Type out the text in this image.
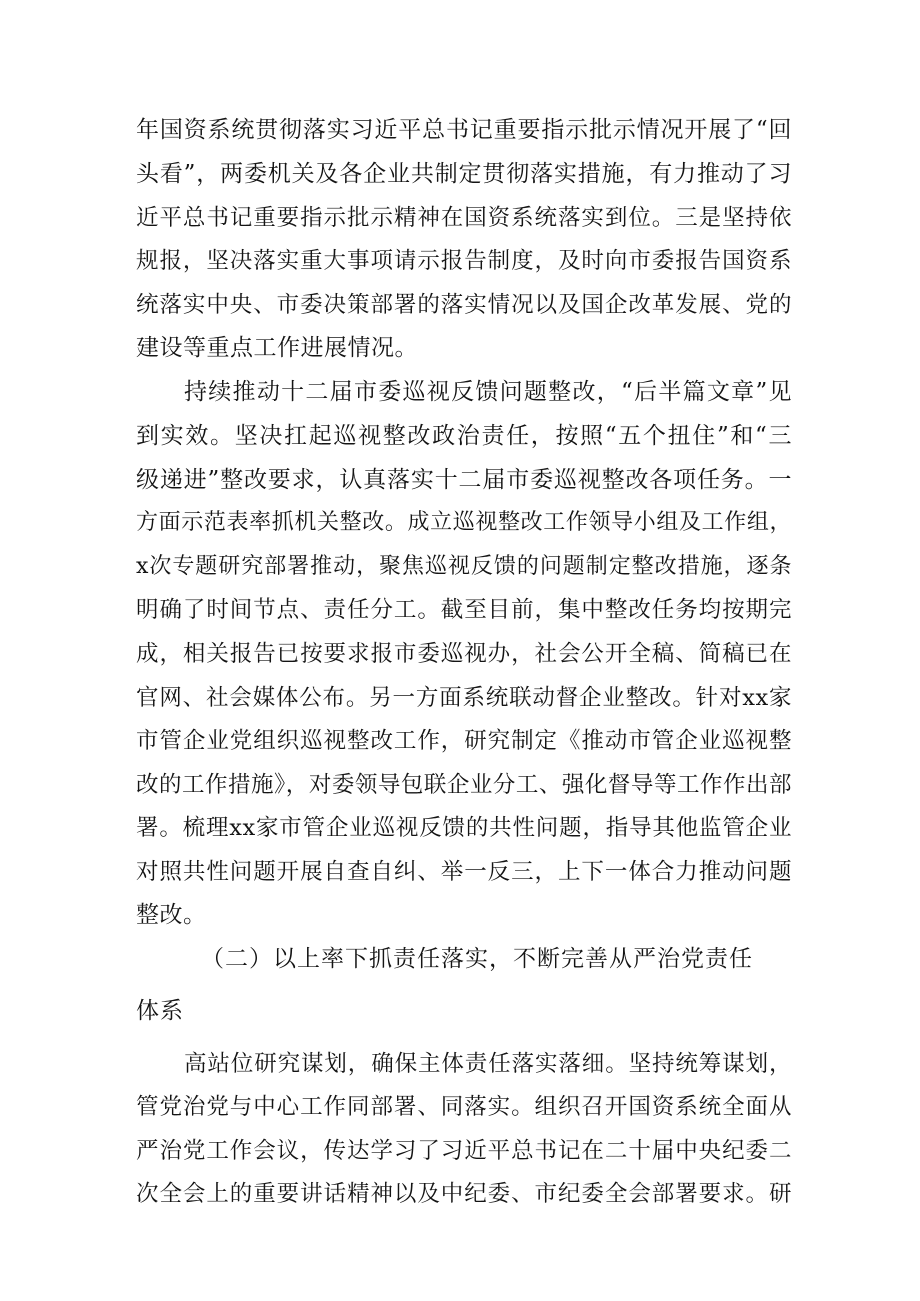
年国资系统贯彻落实习近平总书记重要指示批示情况开展了“回
头看”，两委机关及各企业共制定贯彻落实措施，有力推动了习
近平总书记重要指示批示精神在国资系统落实到位。三是坚持依
规报，坚决落实重大事项请示报告制度，及时向市委报告国资系
统落实中央、市委决策部署的落实情况以及国企改革发展、党的
建设等重点工作进展情况。
持续推动十二届市委巡视反馈问题整改，“后半篇文章”见
到实效。坚决扛起巡视整改政治责任，按照“五个扭住”和“三
级递进”整改要求，认真落实十二届市委巡视整改各项任务。一
方面示范表率抓机关整改。成立巡视整改工作领导小组及工作组，
x次专题研究部署推动，聚焦巡视反馈的问题制定整改措施，逐条
明确了时间节点、责任分工。截至目前，集中整改任务均按期完
成，相关报告已按要求报市委巡视办，社会公开全稿、简稿已在
官网、社会媒体公布。另一方面系统联动督企业整改。针对xx家
市管企业党组织巡视整改工作，研究制定《推动市管企业巡视整
改的工作措施》，对委领导包联企业分工、强化督导等工作作出部
署。梳理xx家市管企业巡视反馈的共性问题，指导其他监管企业
对照共性问题开展自查自纠、举一反三，上下一体合力推动问题
整改。
（二）以上率下抓责任落实，不断完善从严治党责任
体系
高站位研究谋划，确保主体责任落实落细。坚持统筹谋划，
管党治党与中心工作同部署、同落实。组织召开国资系统全面从
严治党工作会议，传达学习了习近平总书记在二十届中央纪委二
次全会上的重要讲话精神以及中纪委、市纪委全会部署要求。研
